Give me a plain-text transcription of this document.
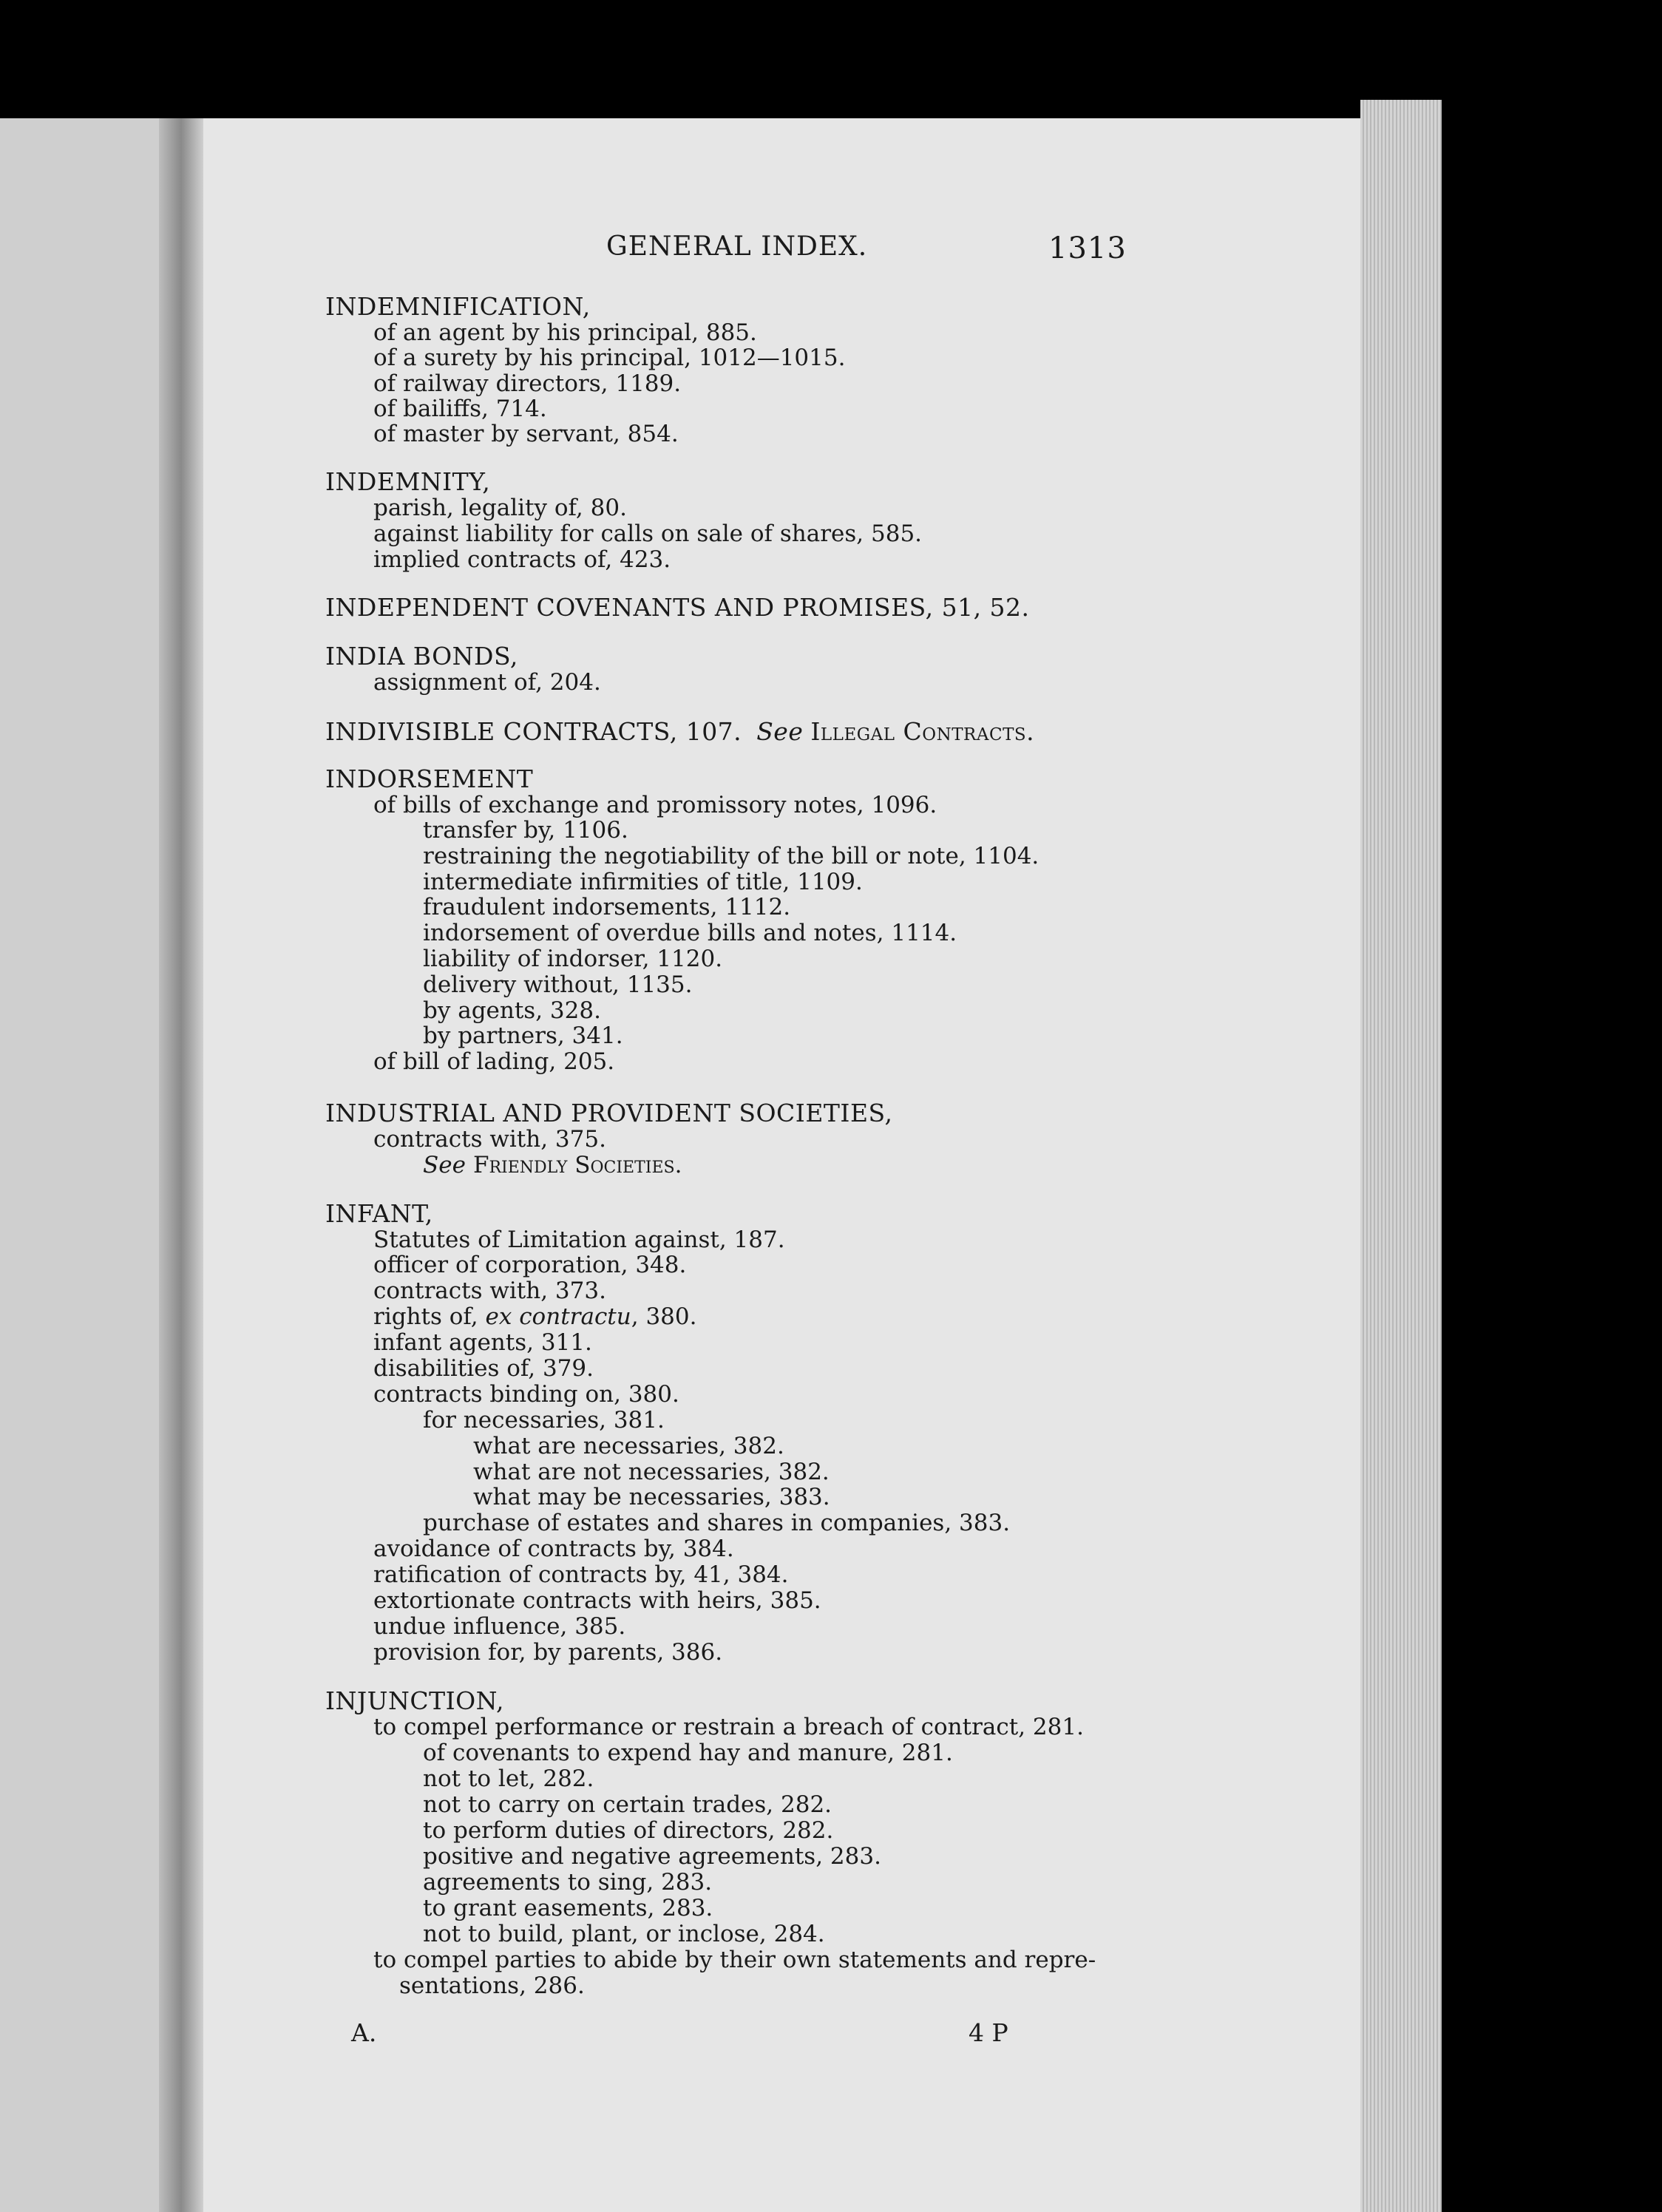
GENERAL INDEX.	1313
INDEMNIFICATION,
of an agent by his principal, 885.
of a surety by his principal, 1012—1015.
of railway directors, 1189.
of bailiffs, 714.
of master by servant, 854.
INDEMNITY,
parish, legality of, 80.
against liability for calls on sale of shares, 585.
implied contracts of, 423.
INDEPENDENT COVENANTS AND PROMISES, 51, 52.
INDIA BONDS,
assignment of, 204.
INDIVISIBLE CONTRACTS, 107. See Illegal Contracts.
INDORSEMENT
of bills of exchange and promissory notes, 1096.
transfer by, 1106.
restraining the negotiability of the bill or note, 1104.
intermediate infirmities of title, 1109.
fraudulent indorsements, 1112.
indorsement of overdue bills and notes, 1114.
liability of indorser, 1120.
delivery without, 1135.
by agents, 328.
by partners, 341.
of bill of lading, 205.
INDUSTRIAL AND PROVIDENT SOCIETIES,
contracts with, 375.
See Friendly Societies.
INFANT,
Statutes of Limitation against, 187.
officer of corporation, 348.
contracts with, 373.
rights of, ex contractu, 380.
infant agents, 311.
disabilities of, 379.
contracts binding on, 380.
for necessaries, 381.
what are necessaries, 382.
what are not necessaries, 382.
what may be necessaries, 383.
purchase of estates and shares in companies, 383.
avoidance of contracts by, 384.
ratification of contracts by, 41, 384.
extortionate contracts with heirs, 385.
undue influence, 385.
provision for, by parents, 386.
INJUNCTION,
to compel performance or restrain a breach of contract, 281.
of covenants to expend hay and manure, 281.
not to let, 282.
not to carry on certain trades, 282.
to perform duties of directors, 282.
positive and negative agreements, 283.
agreements to sing, 283.
to grant easements, 283.
not to build, plant, or inclose, 284.
to compel parties to abide by their own statements and repre-
sentations, 286.
A.	4 P
